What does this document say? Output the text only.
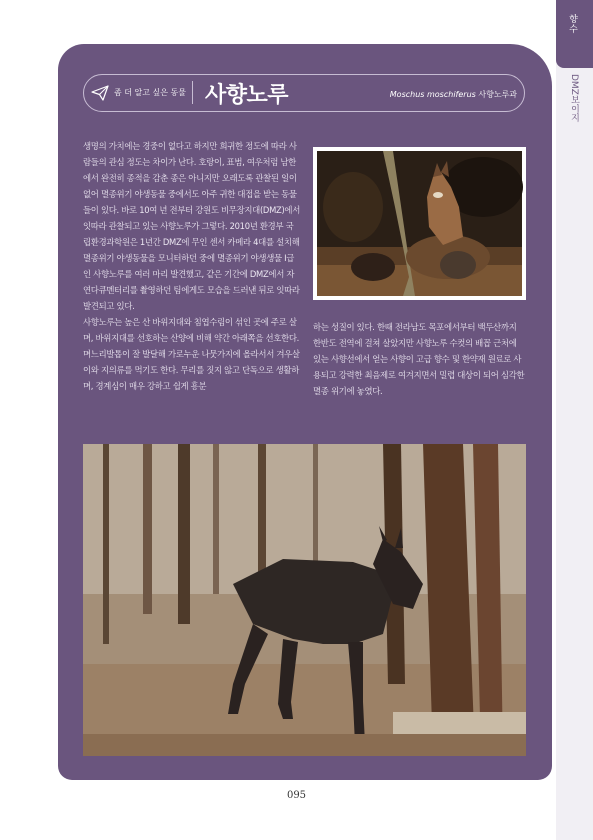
향수
DMZ보이지
좀 더 알고 싶은 동물 사향노루	Moschus moschiferus 사향노루과

생명의 가치에는 경중이 없다고 하지만 희귀한 정도에 따라 사람들의 관심 정도는 차이가 난다. 호랑이, 표범, 여우처럼 남한에서 완전히 종적을 감춘 종은 아니지만 오래도록 관찰된 일이 없어 멸종위기 야생동물 중에서도 아주 귀한 대접을 받는 동물들이 있다. 바로 10여 년 전부터 강원도 비무장지대(DMZ)에서 잇따라 관찰되고 있는 사향노루가 그렇다. 2010년 환경부 국립환경과학원은 1년간 DMZ에 무인 센서 카메라 4대를 설치해 멸종위기 야생동물을 모니터하던 중에 멸종위기 야생생물 Ⅰ급인 사향노루를 여러 마리 발견했고, 같은 기간에 DMZ에서 자연다큐멘터리를 촬영하던 팀에게도 모습을 드러낸 뒤로 잇따라 발견되고 있다.

사향노루는 높은 산 바위지대와 침엽수림이 섞인 곳에 주로 살며, 바위지대를 선호하는 산양에 비해 약간 아래쪽을 선호한다. 며느리발톱이 잘 발달해 가로누운 나뭇가지에 올라서서 겨우살이와 지의류를 먹기도 한다. 무리를 짓지 않고 단독으로 생활하며, 경계심이 매우 강하고 쉽게 흥분

하는 성질이 있다. 한때 전라남도 목포에서부터 백두산까지 한반도 전역에 걸쳐 살았지만 사향노루 수컷의 배꼽 근처에 있는 사향선에서 얻는 사향이 고급 향수 및 한약재 원료로 사용되고 강력한 최음제로 여겨지면서 밀렵 대상이 되어 심각한 멸종 위기에 놓였다.

095
